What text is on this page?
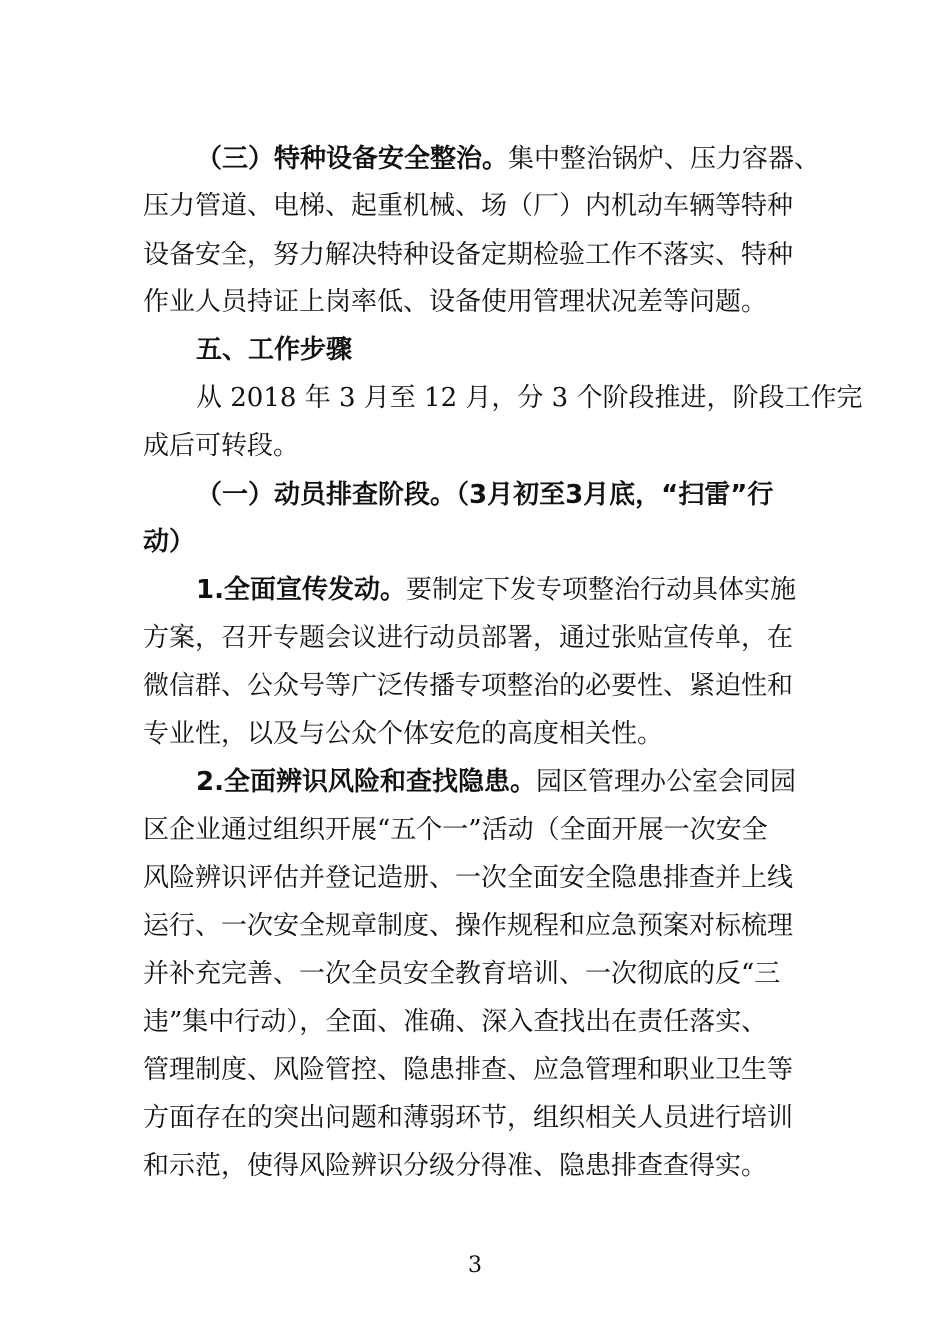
（三）特种设备安全整治。集中整治锅炉、压力容器、
压力管道、电梯、起重机械、场（厂）内机动车辆等特种
设备安全，努力解决特种设备定期检验工作不落实、特种
作业人员持证上岗率低、设备使用管理状况差等问题。
五、工作步骤
从 2018 年 3 月至 12 月，分 3 个阶段推进，阶段工作完
成后可转段。
（一）动员排查阶段。（3月初至3月底，“扫雷”行
动）
1.全面宣传发动。要制定下发专项整治行动具体实施
方案，召开专题会议进行动员部署，通过张贴宣传单，在
微信群、公众号等广泛传播专项整治的必要性、紧迫性和
专业性，以及与公众个体安危的高度相关性。
2.全面辨识风险和查找隐患。园区管理办公室会同园
区企业通过组织开展“五个一”活动（全面开展一次安全
风险辨识评估并登记造册、一次全面安全隐患排查并上线
运行、一次安全规章制度、操作规程和应急预案对标梳理
并补充完善、一次全员安全教育培训、一次彻底的反“三
违”集中行动），全面、准确、深入查找出在责任落实、
管理制度、风险管控、隐患排查、应急管理和职业卫生等
方面存在的突出问题和薄弱环节，组织相关人员进行培训
和示范，使得风险辨识分级分得准、隐患排查查得实。
3
